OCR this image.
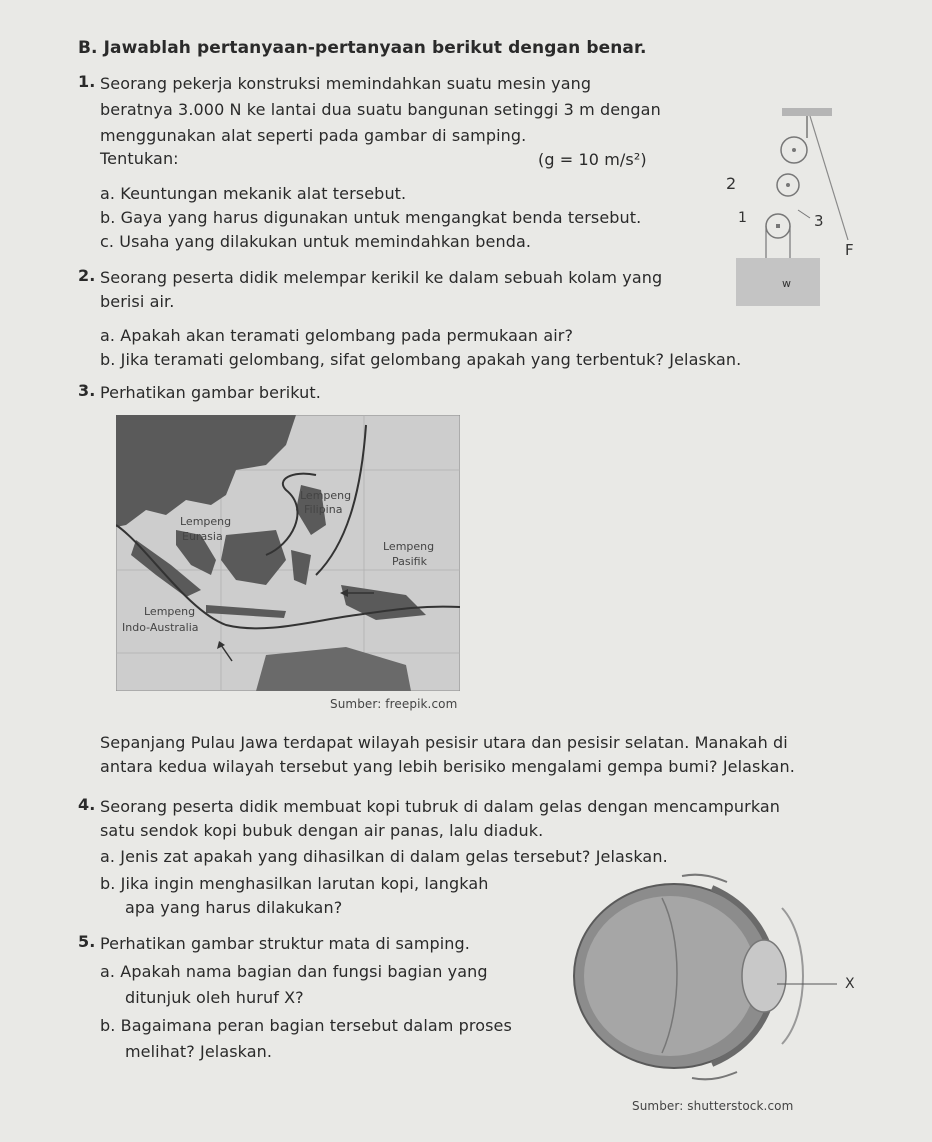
B. Jawablah pertanyaan-pertanyaan berikut dengan benar.
1. Seorang pekerja konstruksi memindahkan suatu mesin yang
beratnya 3.000 N ke lantai dua suatu bangunan setinggi 3 m dengan
menggunakan alat seperti pada gambar di samping.
(g = 10 m/s²)
Tentukan:
a. Keuntungan mekanik alat tersebut.
b. Gaya yang harus digunakan untuk mengangkat benda tersebut.
c. Usaha yang dilakukan untuk memindahkan benda.
2
1	3
F
w
2. Seorang peserta didik melempar kerikil ke dalam sebuah kolam yang
berisi air.
a. Apakah akan teramati gelombang pada permukaan air?
b. Jika teramati gelombang, sifat gelombang apakah yang terbentuk? Jelaskan.
3. Perhatikan gambar berikut.
Lempeng
Filipina
Lempeng
Eurasia
Lempeng
Pasifik
Lempeng
Indo-Australia
Sumber: freepik.com
Sepanjang Pulau Jawa terdapat wilayah pesisir utara dan pesisir selatan. Manakah di
antara kedua wilayah tersebut yang lebih berisiko mengalami gempa bumi? Jelaskan.
4. Seorang peserta didik membuat kopi tubruk di dalam gelas dengan mencampurkan
satu sendok kopi bubuk dengan air panas, lalu diaduk.
a. Jenis zat apakah yang dihasilkan di dalam gelas tersebut? Jelaskan.
b. Jika ingin menghasilkan larutan kopi, langkah
apa yang harus dilakukan?
5. Perhatikan gambar struktur mata di samping.
a. Apakah nama bagian dan fungsi bagian yang
ditunjuk oleh huruf X?
b. Bagaimana peran bagian tersebut dalam proses
melihat? Jelaskan.
X
Sumber: shutterstock.com
